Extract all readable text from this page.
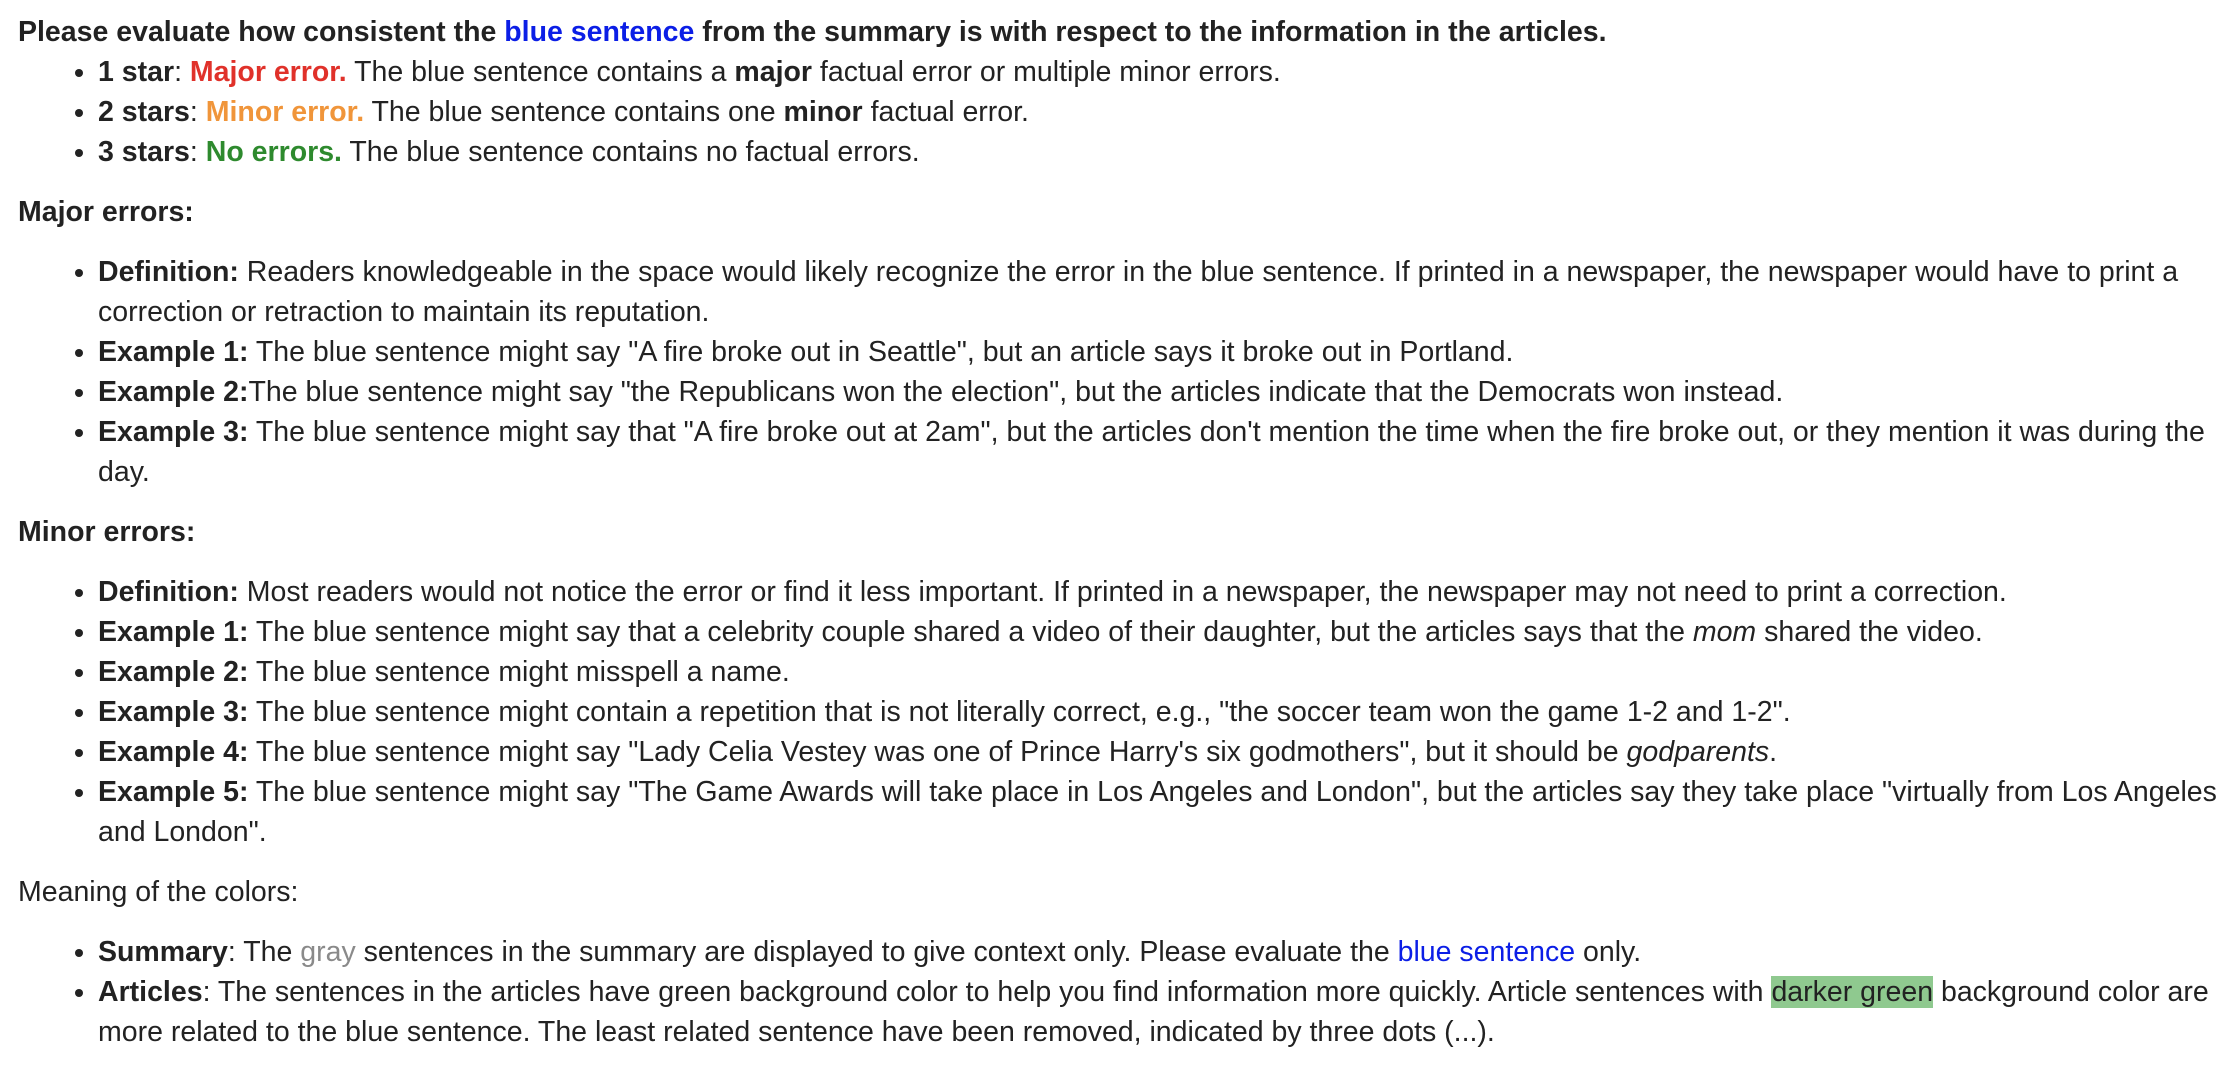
Please evaluate how consistent the blue sentence from the summary is with respect to the information in the articles.

• 1 star: Major error. The blue sentence contains a major factual error or multiple minor errors.
• 2 stars: Minor error. The blue sentence contains one minor factual error.
• 3 stars: No errors. The blue sentence contains no factual errors.

Major errors:

• Definition: Readers knowledgeable in the space would likely recognize the error in the blue sentence. If printed in a newspaper, the newspaper would have to print a correction or retraction to maintain its reputation.
• Example 1: The blue sentence might say "A fire broke out in Seattle", but an article says it broke out in Portland.
• Example 2:The blue sentence might say "the Republicans won the election", but the articles indicate that the Democrats won instead.
• Example 3: The blue sentence might say that "A fire broke out at 2am", but the articles don't mention the time when the fire broke out, or they mention it was during the day.

Minor errors:

• Definition: Most readers would not notice the error or find it less important. If printed in a newspaper, the newspaper may not need to print a correction.
• Example 1: The blue sentence might say that a celebrity couple shared a video of their daughter, but the articles says that the mom shared the video.
• Example 2: The blue sentence might misspell a name.
• Example 3: The blue sentence might contain a repetition that is not literally correct, e.g., "the soccer team won the game 1-2 and 1-2".
• Example 4: The blue sentence might say "Lady Celia Vestey was one of Prince Harry's six godmothers", but it should be godparents.
• Example 5: The blue sentence might say "The Game Awards will take place in Los Angeles and London", but the articles say they take place "virtually from Los Angeles and London".

Meaning of the colors:

• Summary: The gray sentences in the summary are displayed to give context only. Please evaluate the blue sentence only.
• Articles: The sentences in the articles have green background color to help you find information more quickly. Article sentences with darker green background color are more related to the blue sentence. The least related sentence have been removed, indicated by three dots (...).
